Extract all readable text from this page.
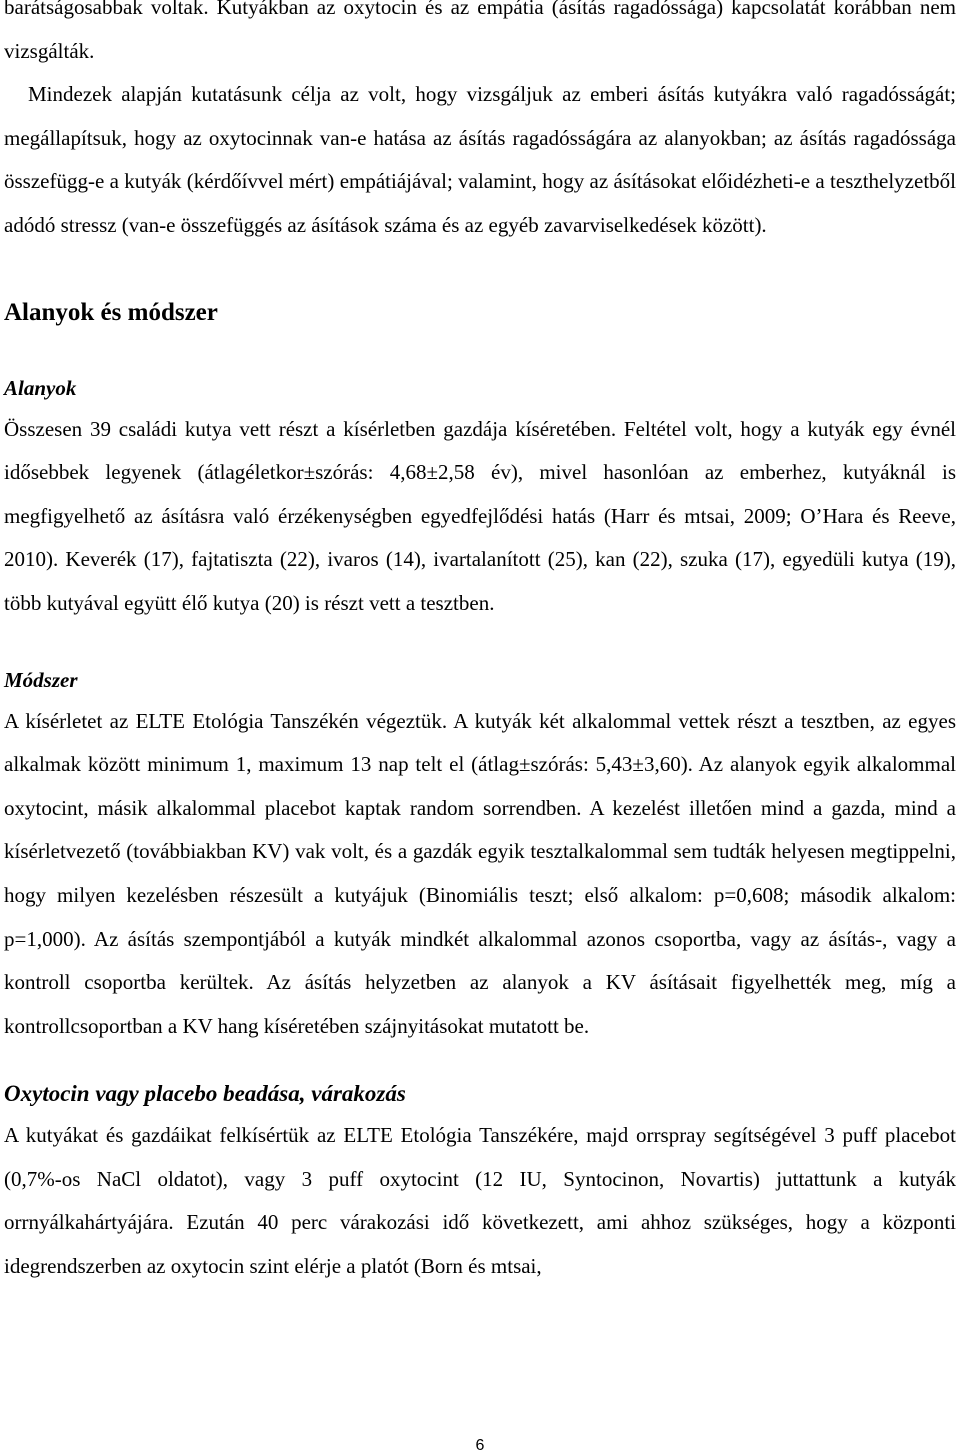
barátságosabbak voltak. Kutyákban az oxytocin és az empátia (ásítás ragadóssága) kapcsolatát korábban nem vizsgálták.

Mindezek alapján kutatásunk célja az volt, hogy vizsgáljuk az emberi ásítás kutyákra való ragadósságát; megállapítsuk, hogy az oxytocinnak van-e hatása az ásítás ragadósságára az alanyokban; az ásítás ragadóssága összefügg-e a kutyák (kérdőívvel mért) empátiájával; valamint, hogy az ásításokat előidézheti-e a teszthelyzetből adódó stressz (van-e összefüggés az ásítások száma és az egyéb zavarviselkedések között).

Alanyok és módszer
Alanyok

Összesen 39 családi kutya vett részt a kísérletben gazdája kíséretében. Feltétel volt, hogy a kutyák egy évnél idősebbek legyenek (átlagéletkor±szórás: 4,68±2,58 év), mivel hasonlóan az emberhez, kutyáknál is megfigyelhető az ásításra való érzékenységben egyedfejlődési hatás (Harr és mtsai, 2009; O’Hara és Reeve, 2010). Keverék (17), fajtatiszta (22), ivaros (14), ivartalanított (25), kan (22), szuka (17), egyedüli kutya (19), több kutyával együtt élő kutya (20) is részt vett a tesztben.

Módszer

A kísérletet az ELTE Etológia Tanszékén végeztük. A kutyák két alkalommal vettek részt a tesztben, az egyes alkalmak között minimum 1, maximum 13 nap telt el (átlag±szórás: 5,43±3,60). Az alanyok egyik alkalommal oxytocint, másik alkalommal placebot kaptak random sorrendben. A kezelést illetően mind a gazda, mind a kísérletvezető (továbbiakban KV) vak volt, és a gazdák egyik tesztalkalommal sem tudták helyesen megtippelni, hogy milyen kezelésben részesült a kutyájuk (Binomiális teszt; első alkalom: p=0,608; második alkalom: p=1,000). Az ásítás szempontjából a kutyák mindkét alkalommal azonos csoportba, vagy az ásítás-, vagy a kontroll csoportba kerültek. Az ásítás helyzetben az alanyok a KV ásításait figyelhették meg, míg a kontrollcsoportban a KV hang kíséretében szájnyitásokat mutatott be.

Oxytocin vagy placebo beadása, várakozás

A kutyákat és gazdáikat felkísértük az ELTE Etológia Tanszékére, majd orrspray segítségével 3 puff placebot (0,7%-os NaCl oldatot), vagy 3 puff oxytocint (12 IU, Syntocinon, Novartis) juttattunk a kutyák orrnyálkahártyájára. Ezután 40 perc várakozási idő következett, ami ahhoz szükséges, hogy a központi idegrendszerben az oxytocin szint elérje a platót (Born és mtsai,

6
